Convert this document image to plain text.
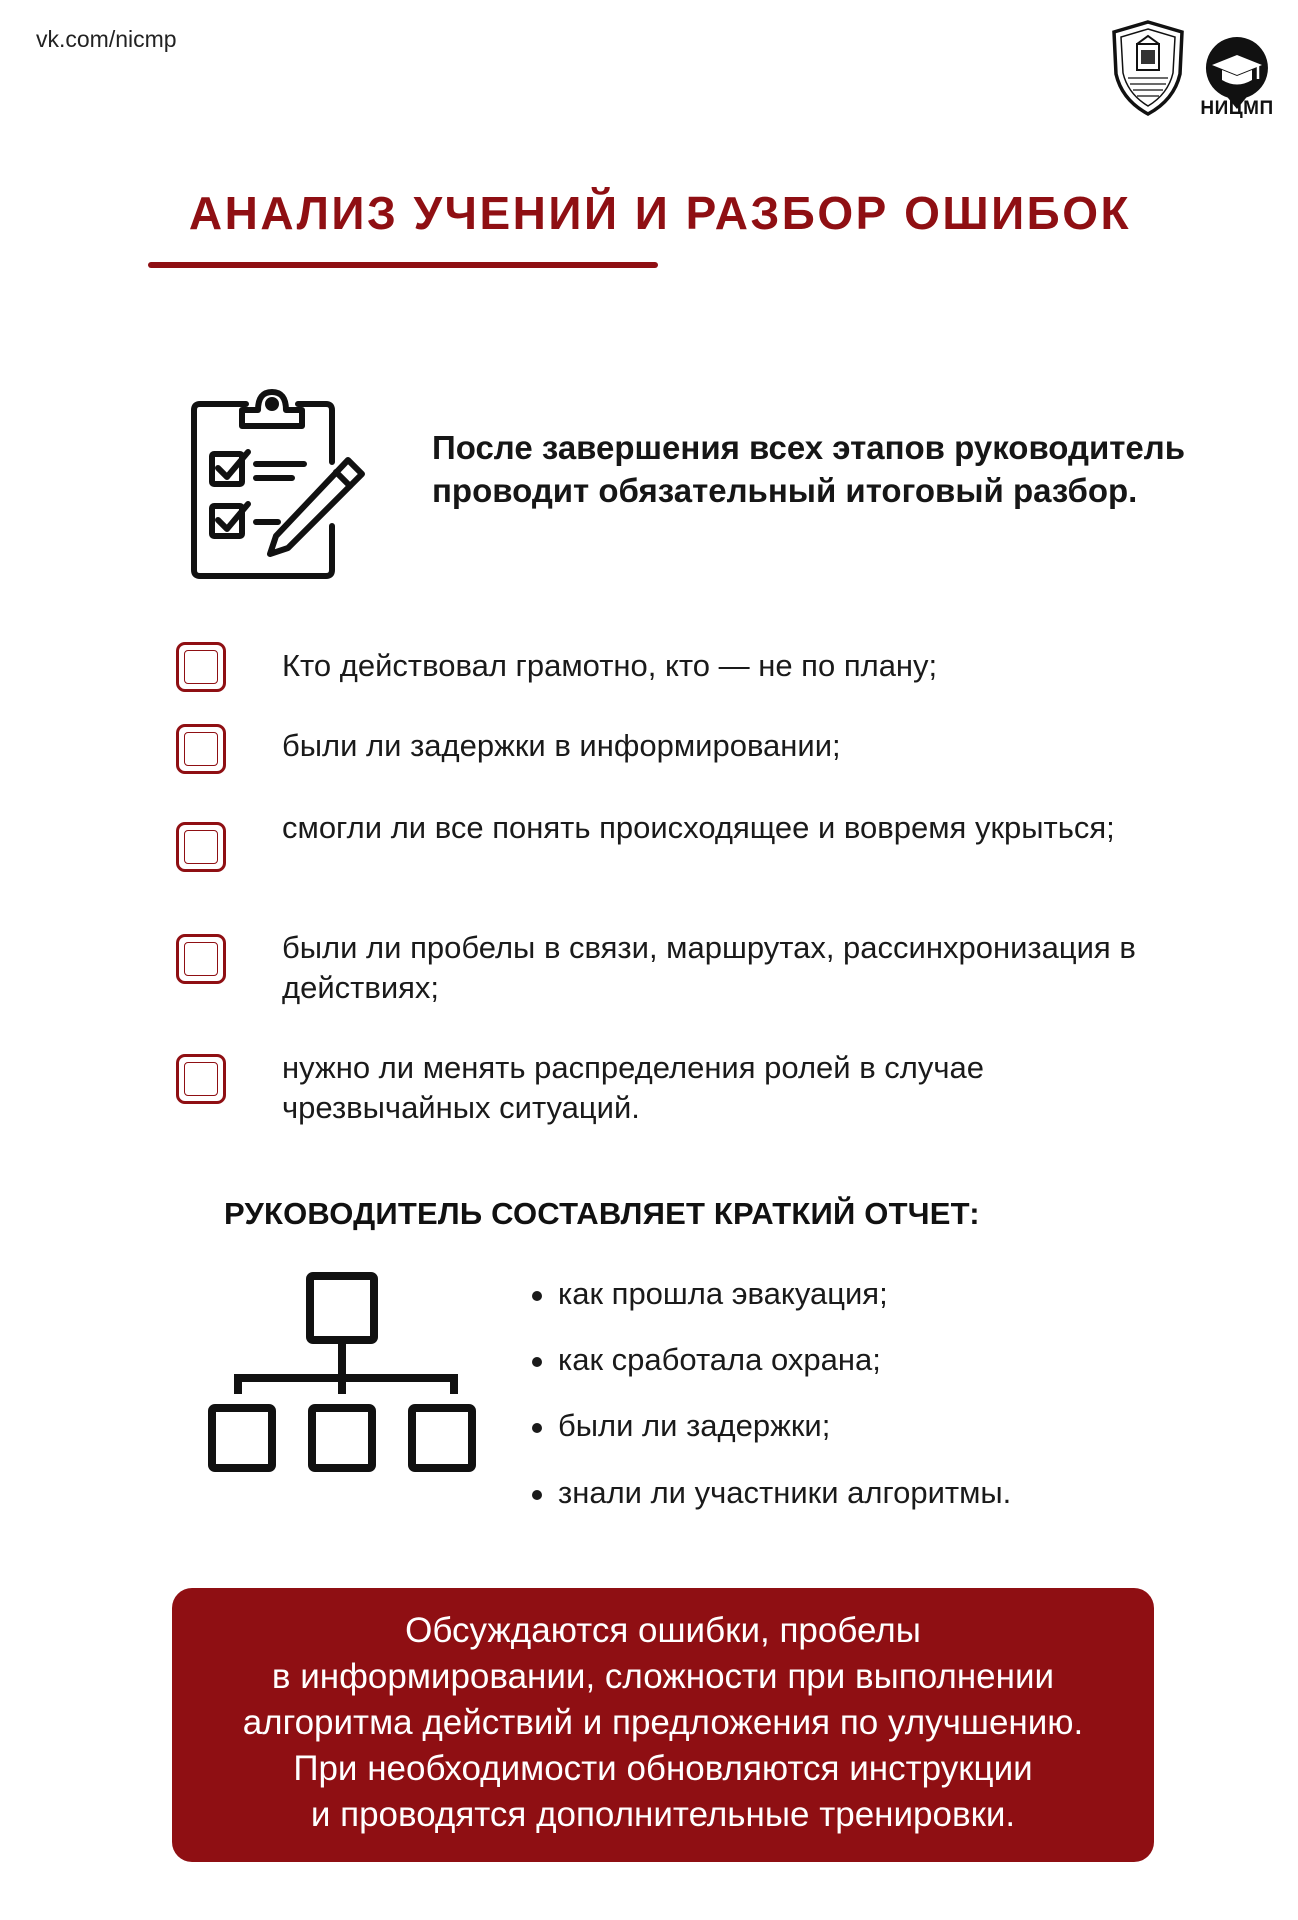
vk.com/nicmp
НИЦМП
АНАЛИЗ УЧЕНИЙ И РАЗБОР ОШИБОК
После завершения всех этапов руководитель проводит обязательный итоговый разбор.
Кто действовал грамотно, кто — не по плану;
были ли задержки в информировании;
смогли ли все понять происходящее и вовремя укрыться;
были ли пробелы в связи, маршрутах, рассинхронизация в действиях;
нужно ли менять распределения ролей в случае чрезвычайных ситуаций.
РУКОВОДИТЕЛЬ СОСТАВЛЯЕТ КРАТКИЙ ОТЧЕТ:
как прошла эвакуация;
как сработала охрана;
были ли задержки;
знали ли участники алгоритмы.
Обсуждаются ошибки, пробелы
в информировании, сложности при выполнении
алгоритма действий и предложения по улучшению.
При необходимости обновляются инструкции
и проводятся дополнительные тренировки.
